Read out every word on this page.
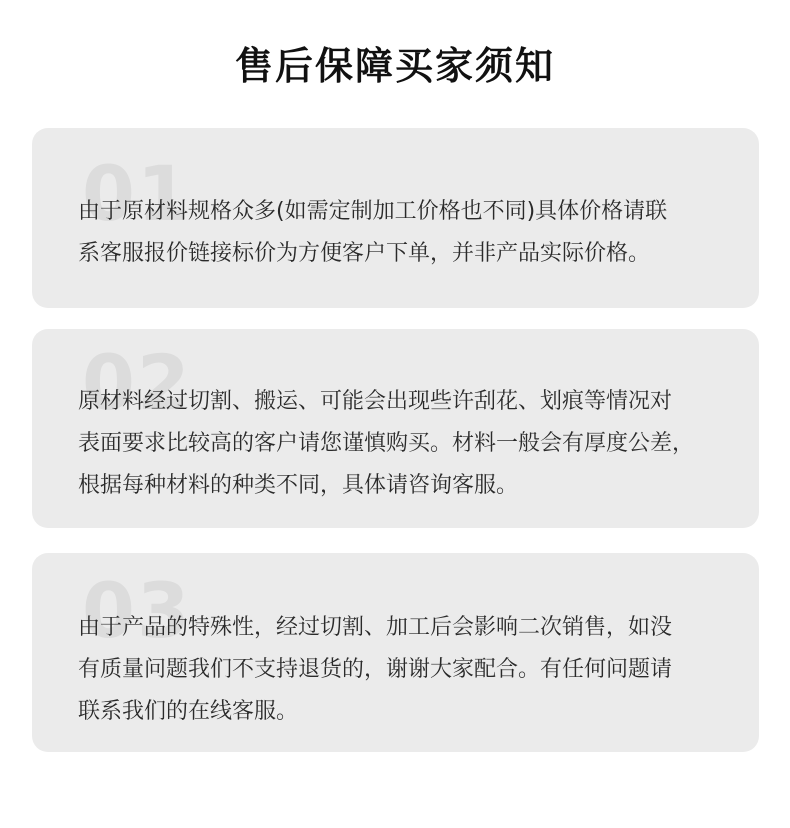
售后保障买家须知
01
由于原材料规格众多(如需定制加工价格也不同)具体价格请联
系客服报价链接标价为方便客户下单，并非产品实际价格。
02
原材料经过切割、搬运、可能会出现些许刮花、划痕等情况对
表面要求比较高的客户请您谨慎购买。材料一般会有厚度公差，
根据每种材料的种类不同，具体请咨询客服。
03
由于产品的特殊性，经过切割、加工后会影响二次销售，如没
有质量问题我们不支持退货的，谢谢大家配合。有任何问题请
联系我们的在线客服。
